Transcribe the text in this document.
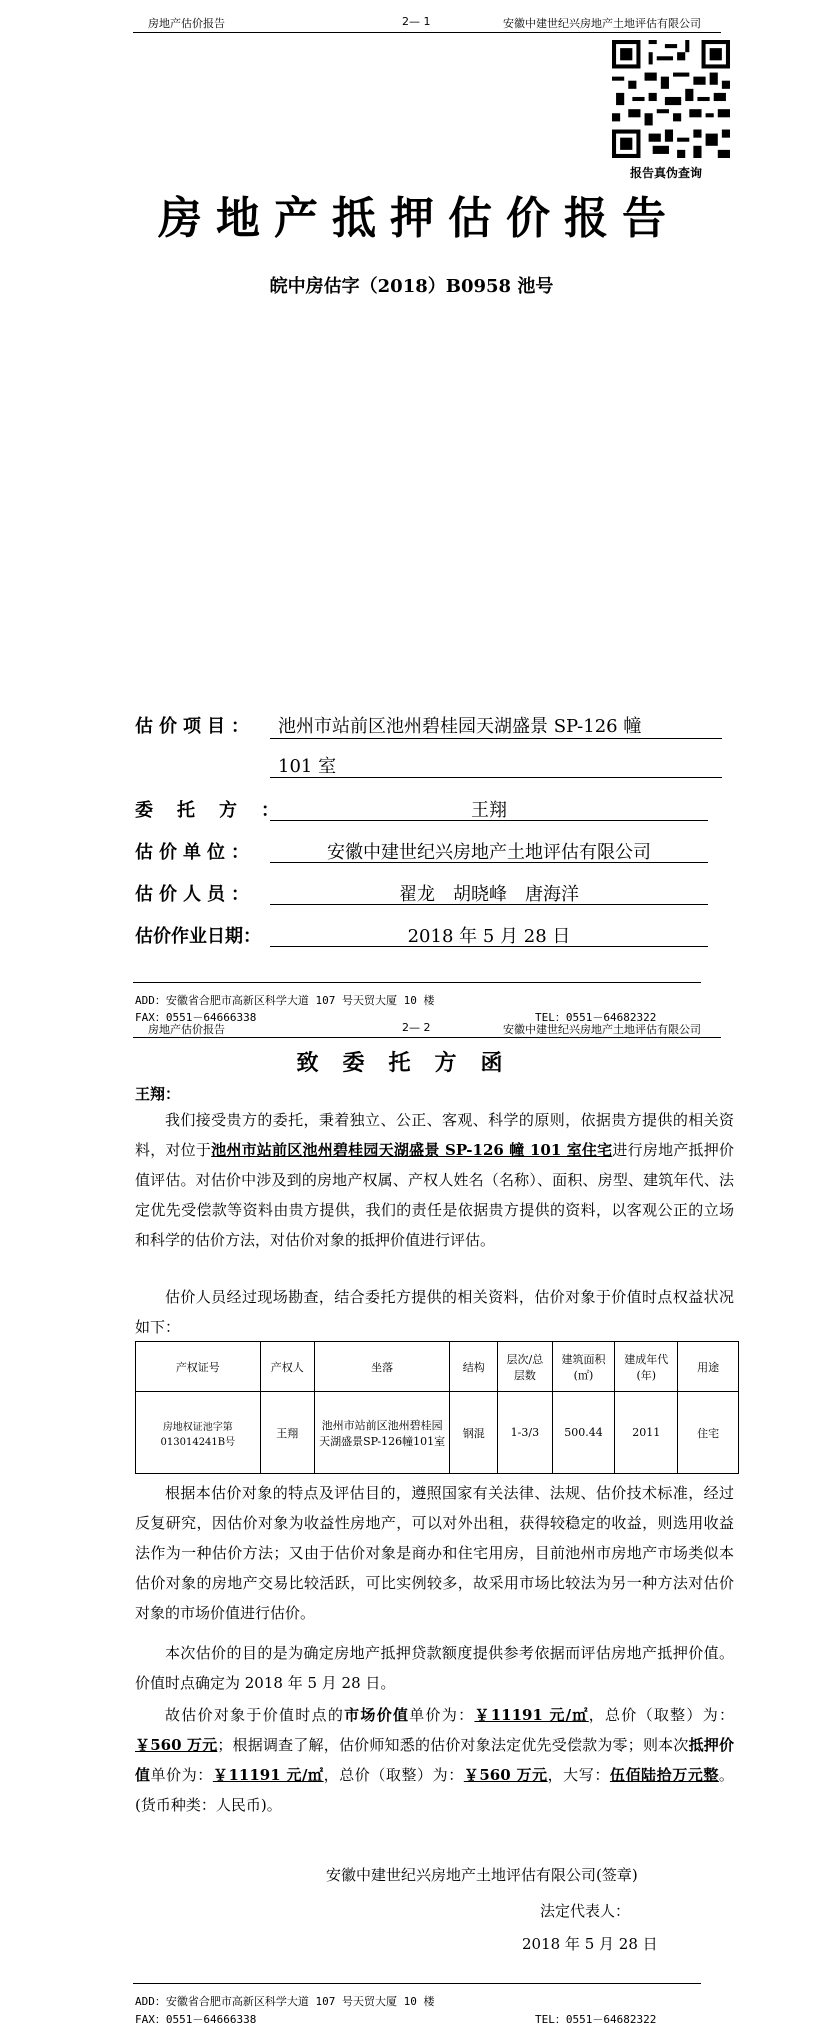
房地产估价报告	2— 1	安徽中建世纪兴房地产土地评估有限公司
报告真伪查询
房地产抵押估价报告
皖中房估字（2018）B0958 池号
估价项目： 池州市站前区池州碧桂园天湖盛景 SP-126 幢
101 室
委托方：	王翔
估价单位：	安徽中建世纪兴房地产土地评估有限公司
估价人员：	翟龙　胡晓峰　唐海洋
估价作业日期：	2018 年 5 月 28 日
ADD：安徽省合肥市高新区科学大道 107 号天贸大厦 10 楼
FAX：0551－64666338	TEL：0551－64682322
房地产估价报告	2— 2	安徽中建世纪兴房地产土地评估有限公司
致委托方函
王翔：
我们接受贵方的委托，秉着独立、公正、客观、科学的原则，依据贵方提供的相关资料，对位于池州市站前区池州碧桂园天湖盛景 SP-126 幢 101 室住宅进行房地产抵押价值评估。对估价中涉及到的房地产权属、产权人姓名（名称）、面积、房型、建筑年代、法定优先受偿款等资料由贵方提供，我们的责任是依据贵方提供的资料，以客观公正的立场和科学的估价方法，对估价对象的抵押价值进行评估。
估价人员经过现场勘查，结合委托方提供的相关资料，估价对象于价值时点权益状况如下：
产权证号	产权人	坐落	结构	层次/总层数	建筑面积(㎡)	建成年代(年)	用途
房地权证池字第013014241B号	王翔	池州市站前区池州碧桂园天湖盛景SP-126幢101室	钢混	1-3/3	500.44	2011	住宅
根据本估价对象的特点及评估目的，遵照国家有关法律、法规、估价技术标准，经过反复研究，因估价对象为收益性房地产，可以对外出租，获得较稳定的收益，则选用收益法作为一种估价方法；又由于估价对象是商办和住宅用房，目前池州市房地产市场类似本估价对象的房地产交易比较活跃，可比实例较多，故采用市场比较法为另一种方法对估价对象的市场价值进行估价。
本次估价的目的是为确定房地产抵押贷款额度提供参考依据而评估房地产抵押价值。价值时点确定为 2018 年 5 月 28 日。
故估价对象于价值时点的市场价值单价为：￥11191 元/㎡，总价（取整）为：￥560 万元；根据调查了解，估价师知悉的估价对象法定优先受偿款为零；则本次抵押价值单价为：￥11191 元/㎡，总价（取整）为：￥560 万元，大写：伍佰陆拾万元整。(货币种类：人民币)。
安徽中建世纪兴房地产土地评估有限公司(签章)
法定代表人：
2018 年 5 月 28 日
ADD：安徽省合肥市高新区科学大道 107 号天贸大厦 10 楼
FAX：0551－64666338	TEL：0551－64682322
